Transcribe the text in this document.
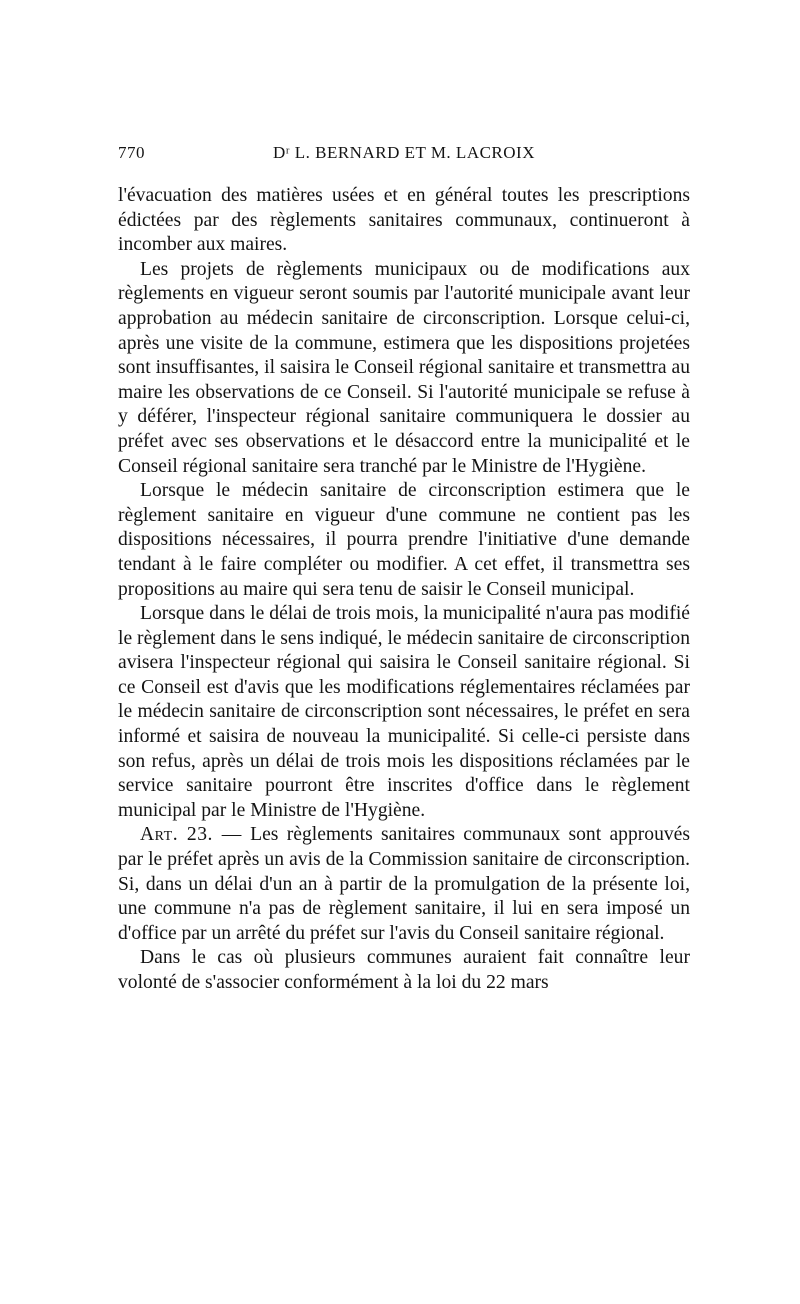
770	Dʳ L. BERNARD ET M. LACROIX

l'évacuation des matières usées et en général toutes les prescriptions édictées par des règlements sanitaires communaux, continueront à incomber aux maires.

Les projets de règlements municipaux ou de modifications aux règlements en vigueur seront soumis par l'autorité municipale avant leur approbation au médecin sanitaire de circonscription. Lorsque celui-ci, après une visite de la commune, estimera que les dispositions projetées sont insuffisantes, il saisira le Conseil régional sanitaire et transmettra au maire les observations de ce Conseil. Si l'autorité municipale se refuse à y déférer, l'inspecteur régional sanitaire communiquera le dossier au préfet avec ses observations et le désaccord entre la municipalité et le Conseil régional sanitaire sera tranché par le Ministre de l'Hygiène.

Lorsque le médecin sanitaire de circonscription estimera que le règlement sanitaire en vigueur d'une commune ne contient pas les dispositions nécessaires, il pourra prendre l'initiative d'une demande tendant à le faire compléter ou modifier. A cet effet, il transmettra ses propositions au maire qui sera tenu de saisir le Conseil municipal.

Lorsque dans le délai de trois mois, la municipalité n'aura pas modifié le règlement dans le sens indiqué, le médecin sanitaire de circonscription avisera l'inspecteur régional qui saisira le Conseil sanitaire régional. Si ce Conseil est d'avis que les modifications réglementaires réclamées par le médecin sanitaire de circonscription sont nécessaires, le préfet en sera informé et saisira de nouveau la municipalité. Si celle-ci persiste dans son refus, après un délai de trois mois les dispositions réclamées par le service sanitaire pourront être inscrites d'office dans le règlement municipal par le Ministre de l'Hygiène.

Art. 23. — Les règlements sanitaires communaux sont approuvés par le préfet après un avis de la Commission sanitaire de circonscription. Si, dans un délai d'un an à partir de la promulgation de la présente loi, une commune n'a pas de règlement sanitaire, il lui en sera imposé un d'office par un arrêté du préfet sur l'avis du Conseil sanitaire régional.

Dans le cas où plusieurs communes auraient fait connaître leur volonté de s'associer conformément à la loi du 22 mars
